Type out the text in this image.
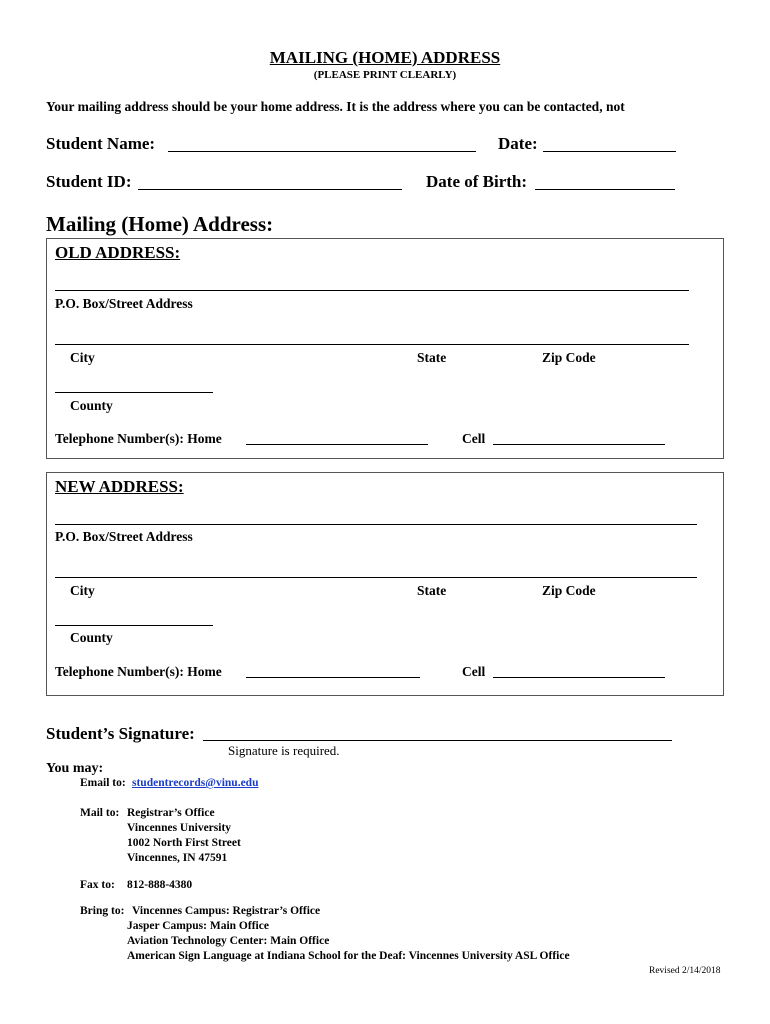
MAILING (HOME) ADDRESS
(PLEASE PRINT CLEARLY)
Your mailing address should be your home address. It is the address where you can be contacted, not
Student Name:	Date:
Student ID:	Date of Birth:
Mailing (Home) Address:
OLD ADDRESS:
P.O. Box/Street Address
City	State	Zip Code
County
Telephone Number(s): Home	Cell
NEW ADDRESS:
P.O. Box/Street Address
City	State	Zip Code
County
Telephone Number(s): Home	Cell
Student’s Signature:
Signature is required.
You may:
Email to: studentrecords@vinu.edu
Mail to: Registrar’s Office
Vincennes University
1002 North First Street
Vincennes, IN 47591
Fax to: 812-888-4380
Bring to: Vincennes Campus: Registrar’s Office
Jasper Campus: Main Office
Aviation Technology Center: Main Office
American Sign Language at Indiana School for the Deaf: Vincennes University ASL Office
Revised 2/14/2018
